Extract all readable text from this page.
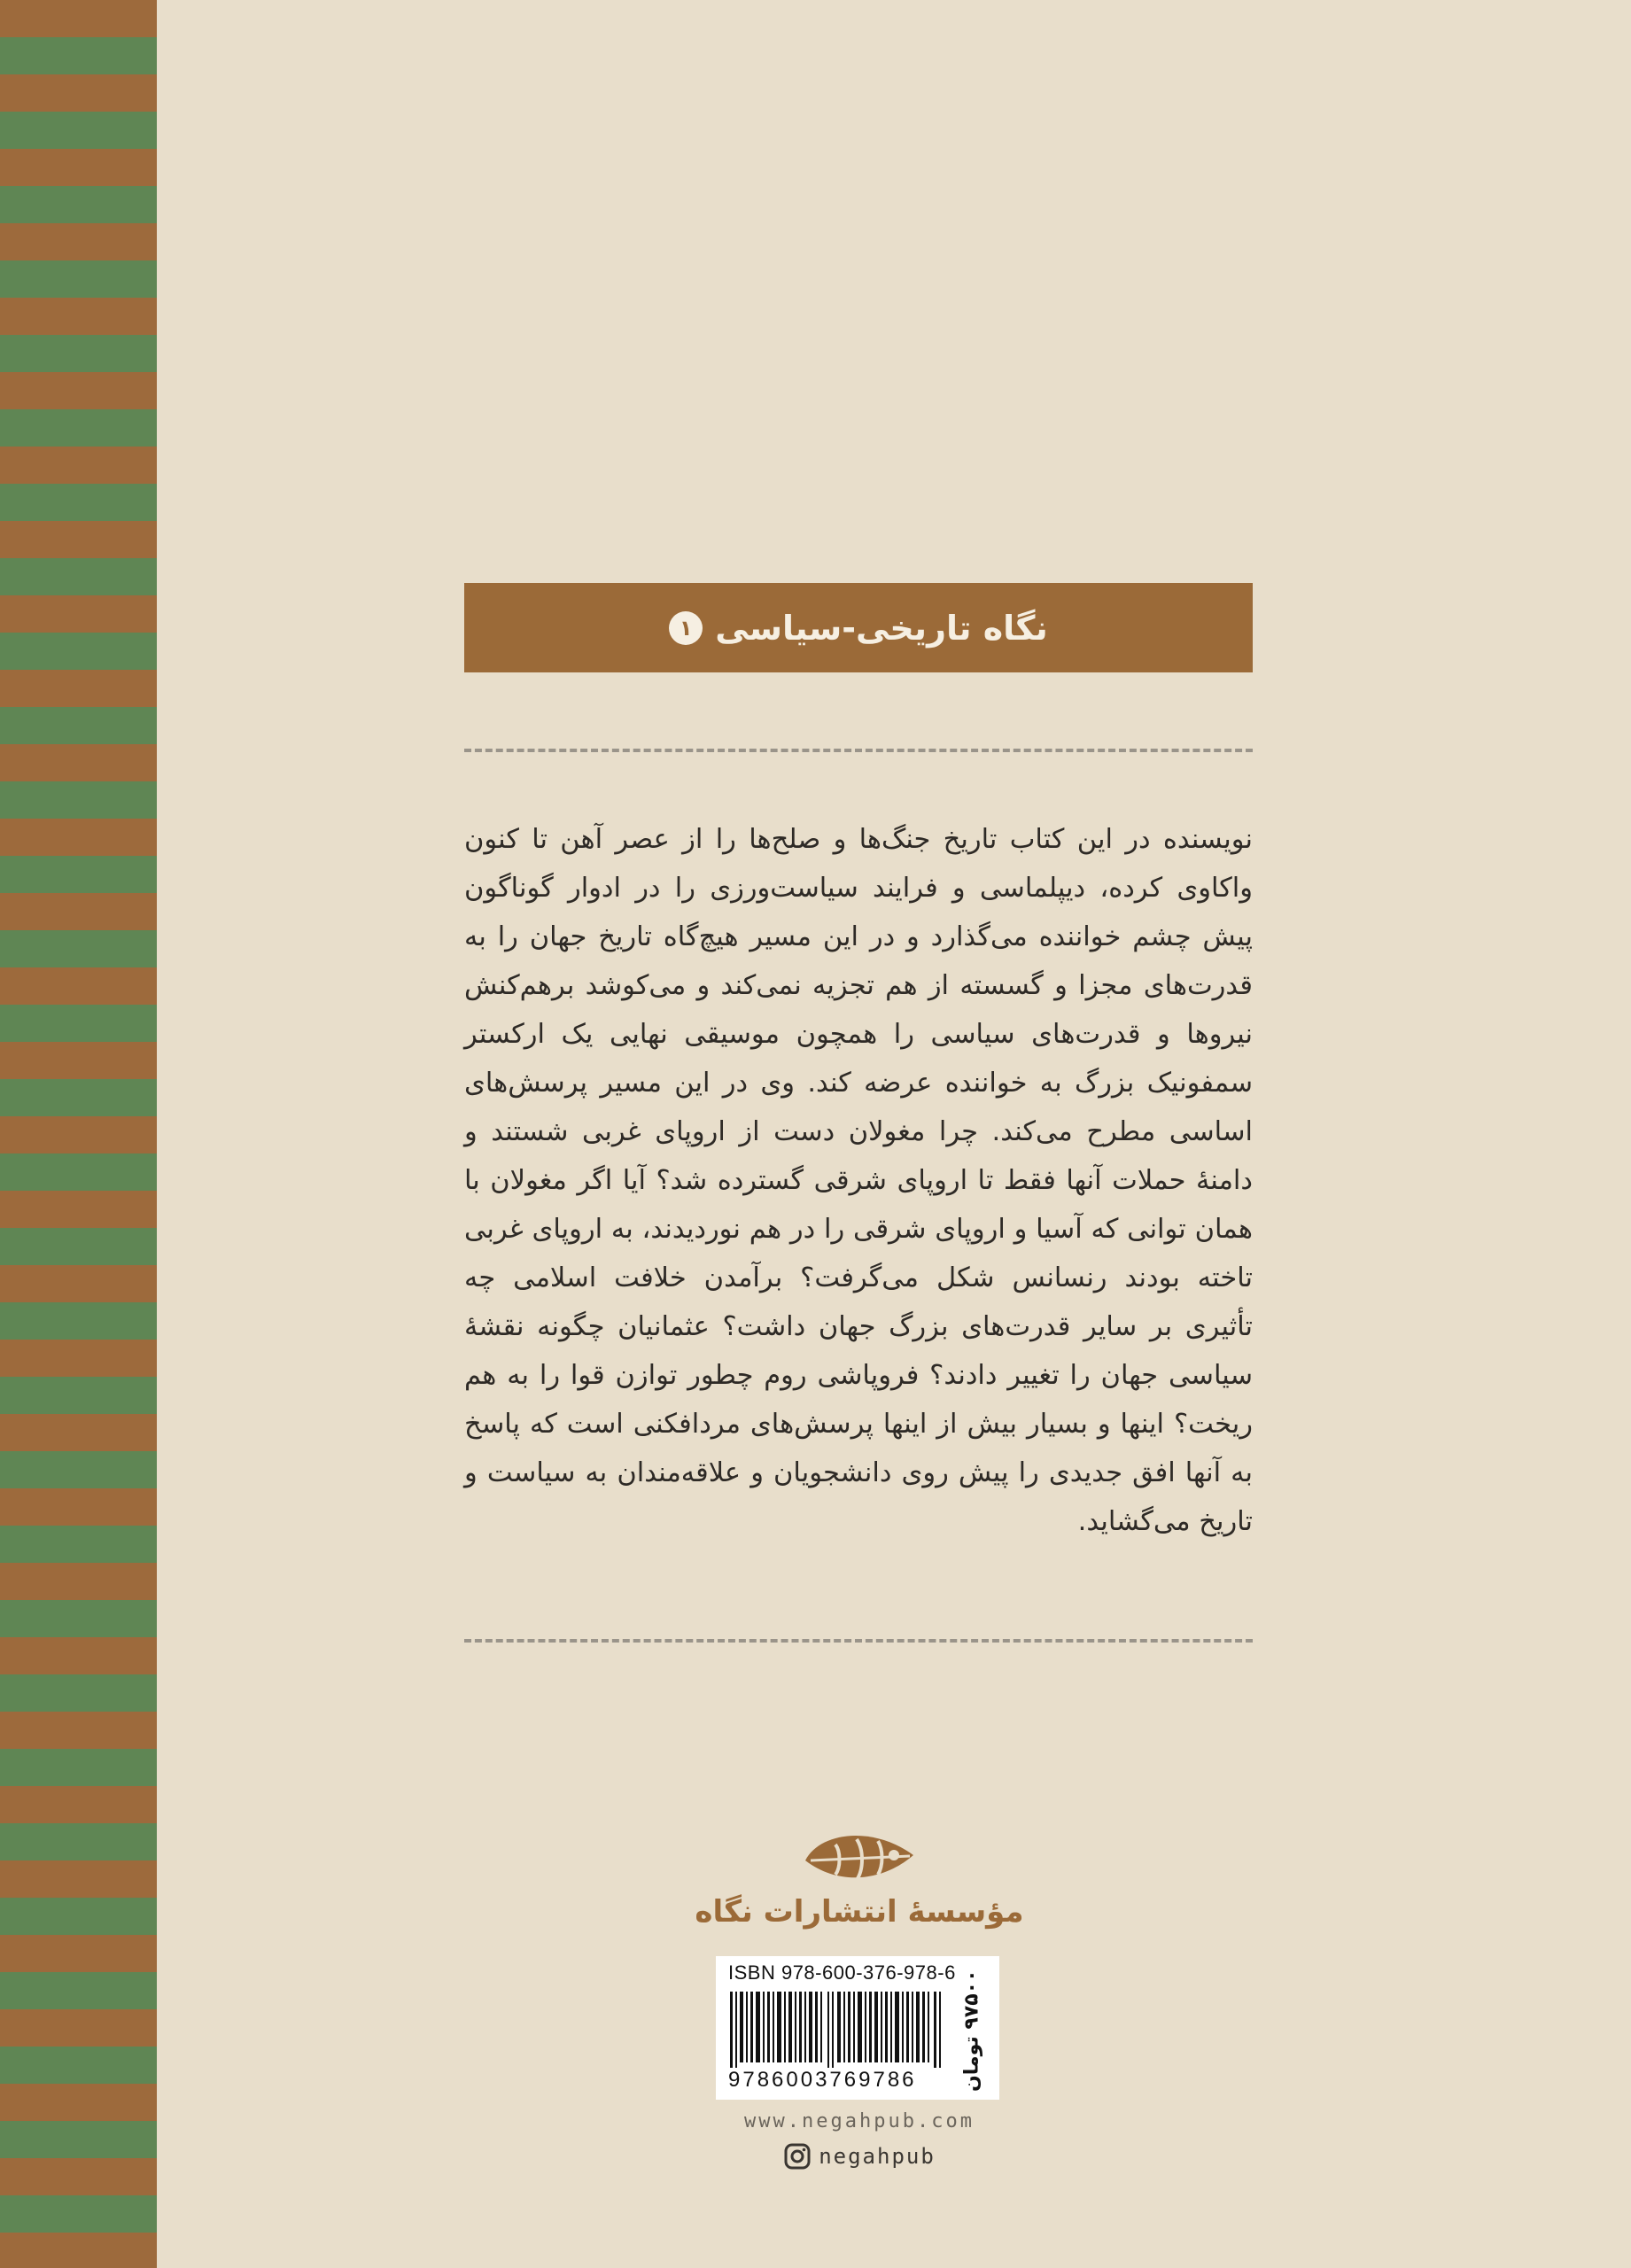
نگاه تاریخی-سیاسی
۱
نویسنده در این کتاب تاریخ جنگ‌ها و صلح‌ها را از عصر آهن تا کنون واکاوی کرده، دیپلماسی و فرایند سیاست‌ورزی را در ادوار گوناگون پیش چشم خواننده می‌گذارد و در این مسیر هیچ‌گاه تاریخ جهان را به قدرت‌های مجزا و گسسته از هم تجزیه نمی‌کند و می‌کوشد برهم‌کنش نیروها و قدرت‌های سیاسی را همچون موسیقی نهایی یک ارکستر سمفونیک بزرگ به خواننده عرضه کند. وی در این مسیر پرسش‌های اساسی مطرح می‌کند. چرا مغولان دست از اروپای غربی شستند و دامنهٔ حملات آنها فقط تا اروپای شرقی گسترده شد؟ آیا اگر مغولان با همان توانی که آسیا و اروپای شرقی را در هم نوردیدند، به اروپای غربی تاخته بودند رنسانس شکل می‌گرفت؟ برآمدن خلافت اسلامی چه تأثیری بر سایر قدرت‌های بزرگ جهان داشت؟ عثمانیان چگونه نقشهٔ سیاسی جهان را تغییر دادند؟ فروپاشی روم چطور توازن قوا را به هم ریخت؟ اینها و بسیار بیش از اینها پرسش‌های مردافکنی است که پاسخ به آنها افق جدیدی را پیش روی دانشجویان و علاقه‌مندان به سیاست و تاریخ می‌گشاید.
مؤسسهٔ انتشارات نگاه
ISBN 978-600-376-978-6
9786003769786	۹۷۵۰۰ تومان
www.negahpub.com
negahpub
